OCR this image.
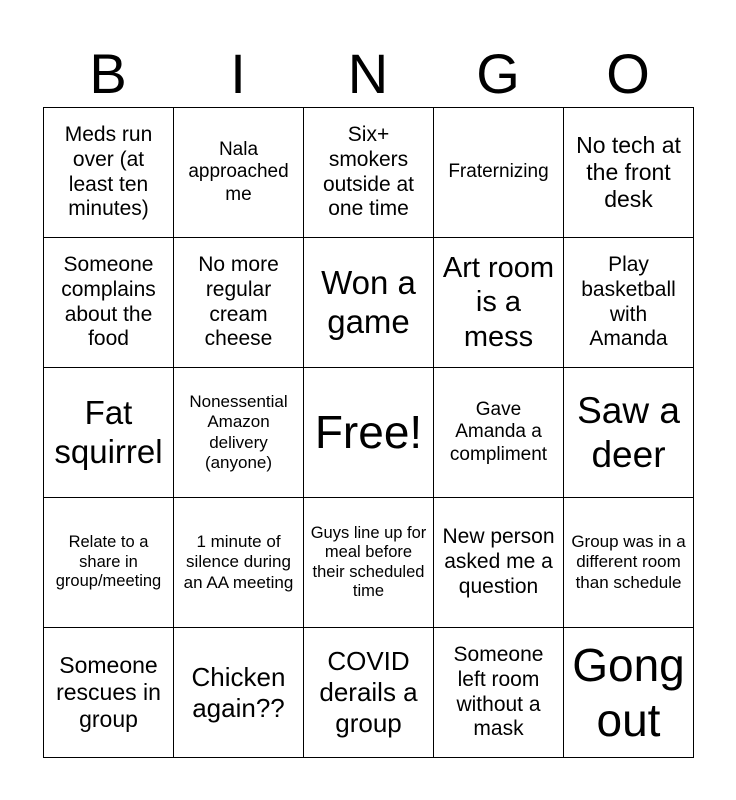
B	I	N	G	O
Meds run over (at least ten minutes)	Nala approached me	Six+ smokers outside at one time	Fraternizing	No tech at the front desk
Someone complains about the food	No more regular cream cheese	Won a game	Art room is a mess	Play basketball with Amanda
Fat squirrel	Nonessential Amazon delivery (anyone)	Free!	Gave Amanda a compliment	Saw a deer
Relate to a share in group/meeting	1 minute of silence during an AA meeting	Guys line up for meal before their scheduled time	New person asked me a question	Group was in a different room than schedule
Someone rescues in group	Chicken again??	COVID derails a group	Someone left room without a mask	Gong out
